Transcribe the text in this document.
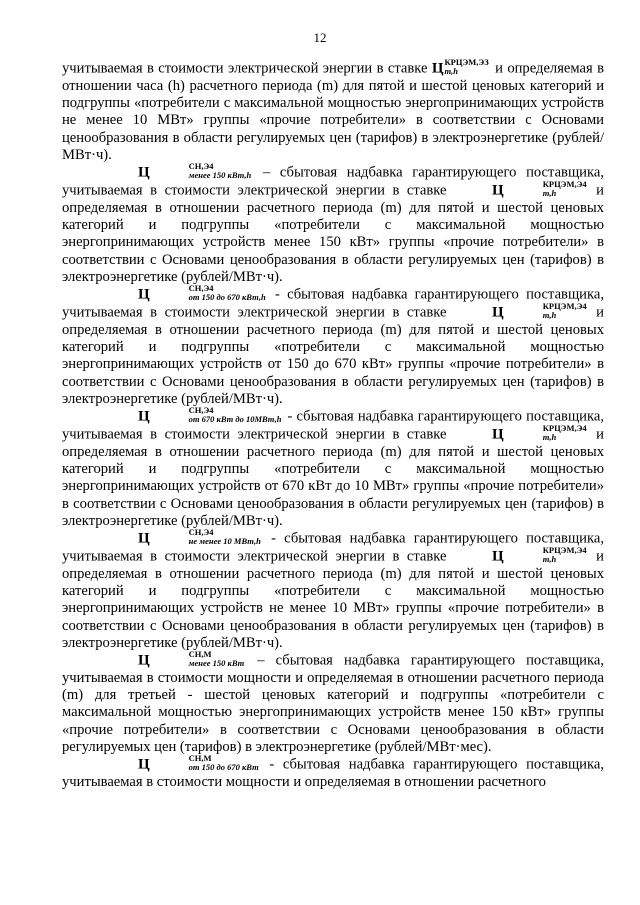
12

учитываемая в стоимости электрической энергии в ставке Ц КРЦЭМ,ЭЗ
m,h	и определяемая в отношении часа (h) расчетного периода (m) для пятой и шестой ценовых категорий и подгруппы «потребители с максимальной мощностью энергопринимающих устройств не менее 10 МВт» группы «прочие потребители» в соответствии с Основами ценообразования в области регулируемых цен (тарифов) в электроэнергетике (рублей/МВт·ч).

Ц	СН,Э4
менее 150 кВт,h – сбытовая надбавка гарантирующего поставщика, учитываемая в стоимости электрической энергии в ставке	Ц	КРЦЭМ,Э4
m,h	и определяемая в отношении расчетного периода (m) для пятой и шестой ценовых категорий и подгруппы «потребители с максимальной мощностью энергопринимающих устройств менее 150 кВт» группы «прочие потребители» в соответствии с Основами ценообразования в области регулируемых цен (тарифов) в электроэнергетике (рублей/МВт·ч).

Ц	СН,Э4
от 150 до 670 кВт,h - сбытовая надбавка гарантирующего поставщика, учитываемая в стоимости электрической энергии в ставке	Ц	КРЦЭМ,Э4
m,h	и определяемая в отношении расчетного периода (m) для пятой и шестой ценовых категорий и подгруппы «потребители с максимальной мощностью энергопринимающих устройств от 150 до 670 кВт» группы «прочие потребители» в соответствии с Основами ценообразования в области регулируемых цен (тарифов) в электроэнергетике (рублей/МВт·ч).

Ц	СН,Э4
от 670 кВт до 10МВт,h - сбытовая надбавка гарантирующего поставщика, учитываемая в стоимости электрической энергии в ставке	Ц	КРЦЭМ,Э4
m,h	и определяемая в отношении расчетного периода (m) для пятой и шестой ценовых категорий и подгруппы «потребители с максимальной мощностью энергопринимающих устройств от 670 кВт до 10 МВт» группы «прочие потребители» в соответствии с Основами ценообразования в области регулируемых цен (тарифов) в электроэнергетике (рублей/МВт·ч).

Ц	СН,Э4
не менее 10 МВт,h - сбытовая надбавка гарантирующего поставщика, учитываемая в стоимости электрической энергии в ставке	Ц	КРЦЭМ,Э4
m,h	и определяемая в отношении расчетного периода (m) для пятой и шестой ценовых категорий и подгруппы «потребители с максимальной мощностью энергопринимающих устройств не менее 10 МВт» группы «прочие потребители» в соответствии с Основами ценообразования в области регулируемых цен (тарифов) в электроэнергетике (рублей/МВт·ч).

Ц	СН,М
менее 150 кВт – сбытовая надбавка гарантирующего поставщика, учитываемая в стоимости мощности и определяемая в отношении расчетного периода (m) для третьей - шестой ценовых категорий и подгруппы «потребители с максимальной мощностью энергопринимающих устройств менее 150 кВт» группы «прочие потребители» в соответствии с Основами ценообразования в области регулируемых цен (тарифов) в электроэнергетике (рублей/МВт·мес).

Ц	СН,М
от 150 до 670 кВт - сбытовая надбавка гарантирующего поставщика, учитываемая в стоимости мощности и определяемая в отношении расчетного
